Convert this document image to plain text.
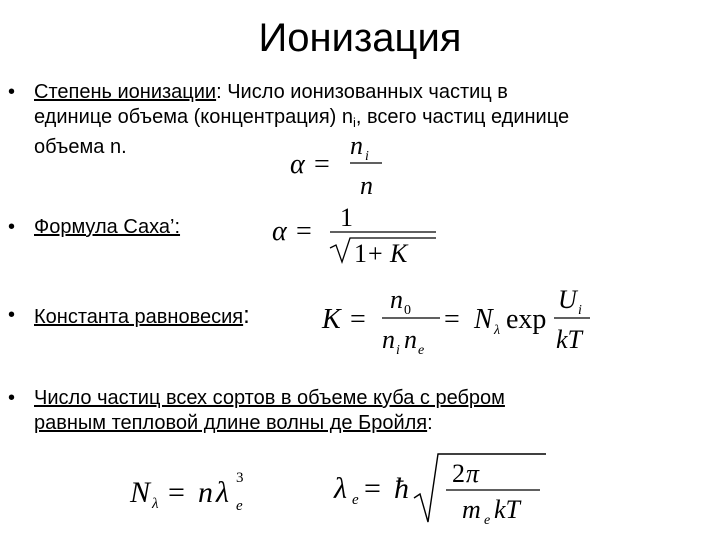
Ионизация
• Степень ионизации: Число ионизованных частиц в
единице объема (концентрация) $n_i$, всего частиц единице
объема n.
α =
n i
n
• Формула Саха’:	α = 1
1 + K
• Константа равновесия:	K =
n 0
n i n e
= N λ exp
U i
kT
• Число частиц всех сортов в объеме куба с ребром
равным тепловой длине волны де Бройля:
N λ = n λ 3
e
λ e = ħ 2 π
m e kT
